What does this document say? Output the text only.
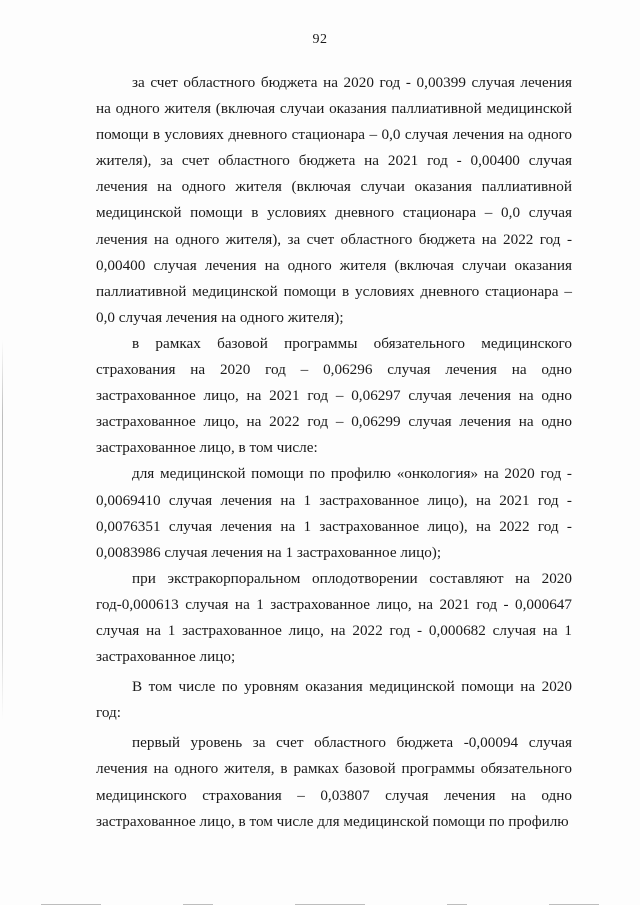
92

за счет областного бюджета на 2020 год - 0,00399 случая лечения на одного жителя (включая случаи оказания паллиативной медицинской помощи в условиях дневного стационара – 0,0 случая лечения на одного жителя), за счет областного бюджета на 2021 год - 0,00400 случая лечения на одного жителя (включая случаи оказания паллиативной медицинской помощи в условиях дневного стационара – 0,0 случая лечения на одного жителя), за счет областного бюджета на 2022 год - 0,00400 случая лечения на одного жителя (включая случаи оказания паллиативной медицинской помощи в условиях дневного стационара – 0,0 случая лечения на одного жителя);

в рамках базовой программы обязательного медицинского страхования на 2020 год – 0,06296 случая лечения на одно застрахованное лицо, на 2021 год – 0,06297 случая лечения на одно застрахованное лицо, на 2022 год – 0,06299 случая лечения на одно застрахованное лицо, в том числе:

для медицинской помощи по профилю «онкология» на 2020 год - 0,0069410 случая лечения на 1 застрахованное лицо), на 2021 год - 0,0076351 случая лечения на 1 застрахованное лицо), на 2022 год - 0,0083986 случая лечения на 1 застрахованное лицо);

при экстракорпоральном оплодотворении составляют на 2020 год-0,000613 случая на 1 застрахованное лицо, на 2021 год - 0,000647 случая на 1 застрахованное лицо, на 2022 год - 0,000682 случая на 1 застрахованное лицо;

В том числе по уровням оказания медицинской помощи на 2020 год:

первый уровень за счет областного бюджета -0,00094 случая лечения на одного жителя, в рамках базовой программы обязательного медицинского страхования – 0,03807 случая лечения на одно застрахованное лицо, в том числе для медицинской помощи по профилю
